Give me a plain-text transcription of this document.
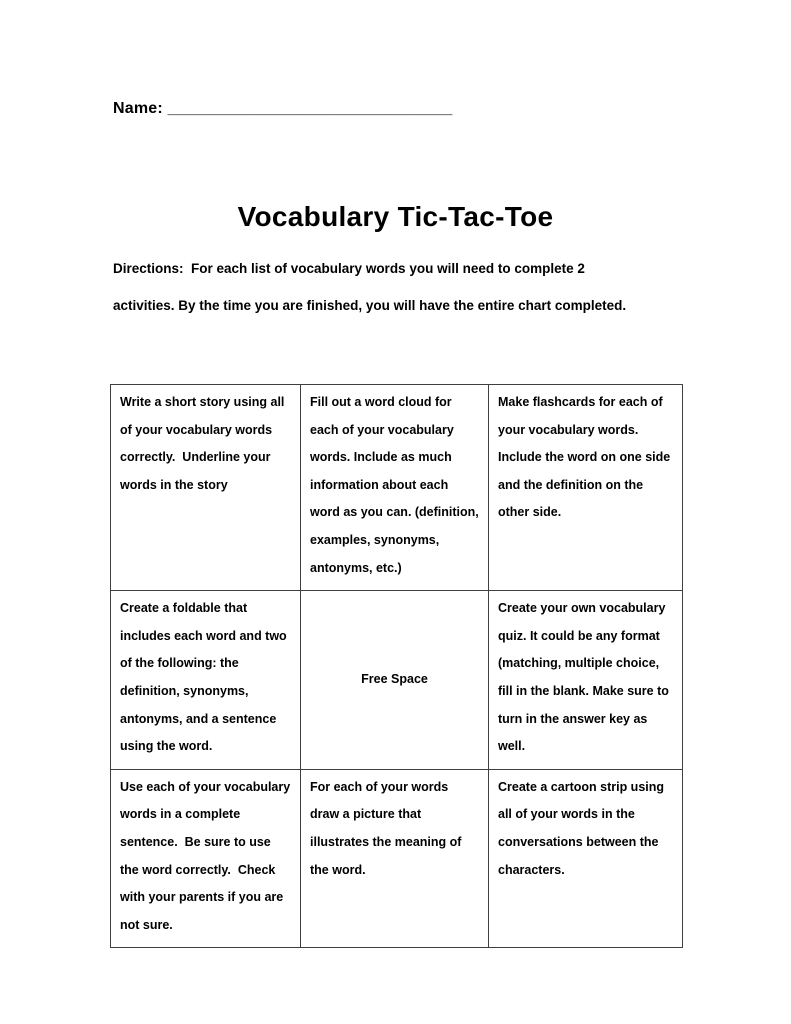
Name: ________________________________
Vocabulary Tic-Tac-Toe
Directions:  For each list of vocabulary words you will need to complete 2
activities. By the time you are finished, you will have the entire chart completed.
Write a short story using all of your vocabulary words correctly.  Underline your words in the story	Fill out a word cloud for each of your vocabulary words. Include as much information about each word as you can. (definition, examples, synonyms, antonyms, etc.)	Make flashcards for each of your vocabulary words. Include the word on one side and the definition on the other side.
Create a foldable that includes each word and two of the following: the definition, synonyms, antonyms, and a sentence using the word.	Free Space	Create your own vocabulary quiz. It could be any format (matching, multiple choice, fill in the blank. Make sure to turn in the answer key as well.
Use each of your vocabulary words in a complete sentence.  Be sure to use the word correctly.  Check with your parents if you are not sure.	For each of your words draw a picture that illustrates the meaning of the word.	Create a cartoon strip using all of your words in the conversations between the characters.
